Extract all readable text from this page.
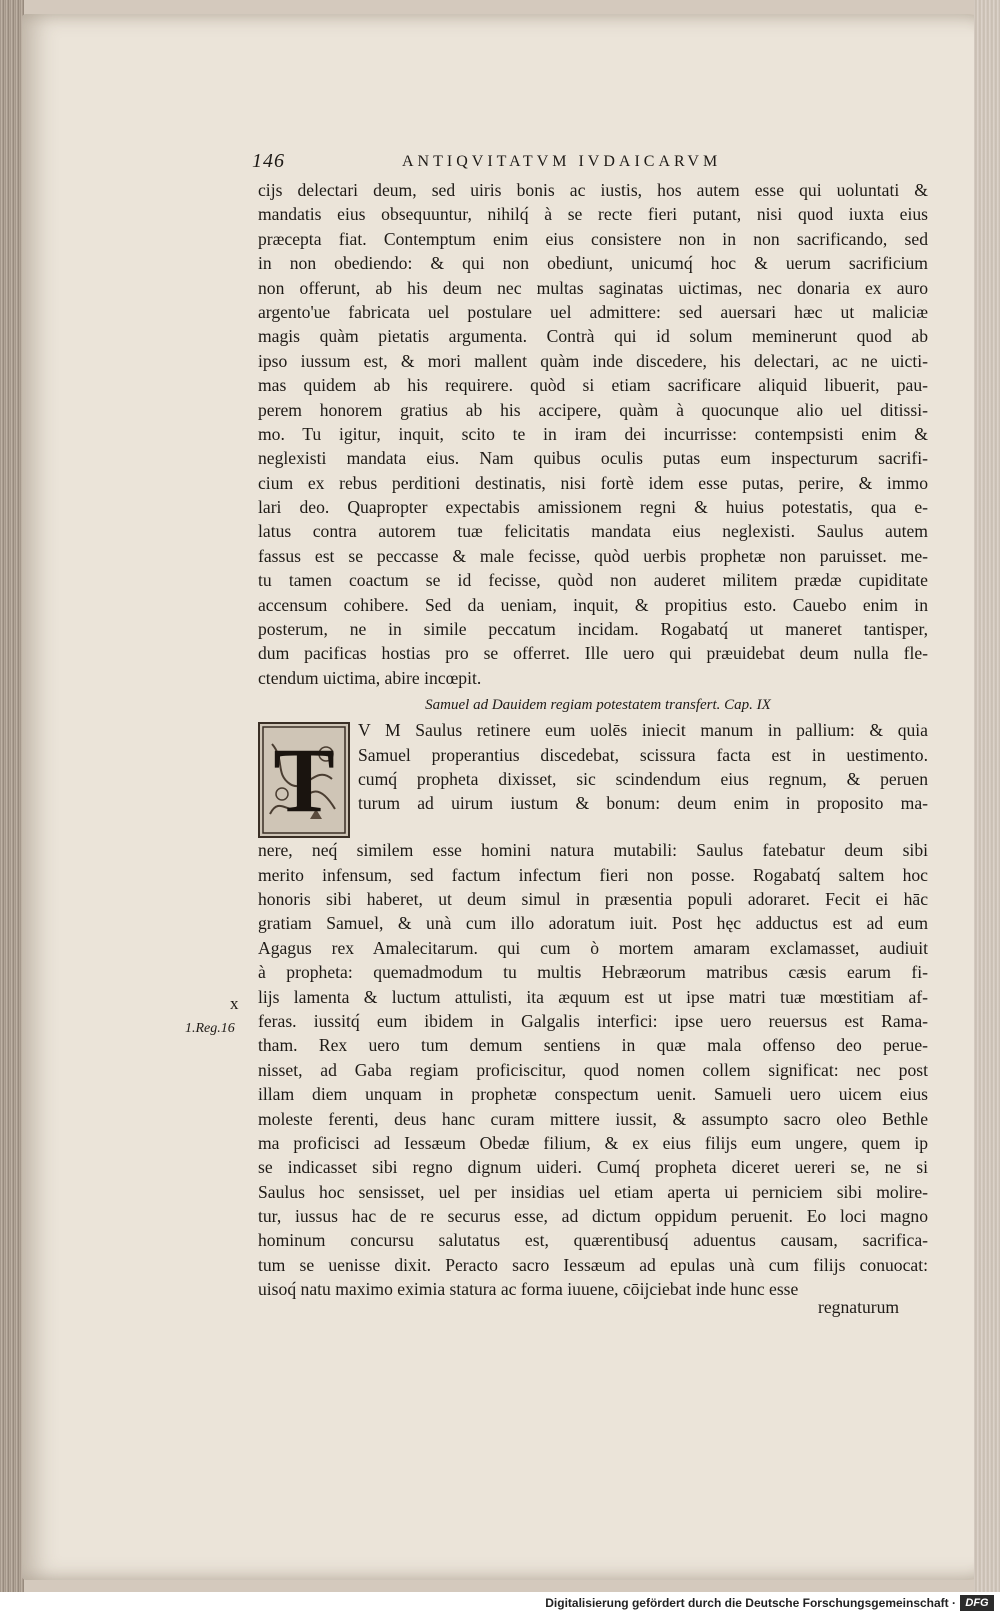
146	ANTIQVITATVM IVDAICARVM
cijs delectari deum, sed uiris bonis ac iustis, hos autem esse qui uoluntati &
mandatis eius obsequuntur, nihilq́ à se recte fieri putant, nisi quod iuxta eius
præcepta fiat. Contemptum enim eius consistere non in non sacrificando, sed
in non obediendo: & qui non obediunt, unicumq́ hoc & uerum sacrificium
non offerunt, ab his deum nec multas saginatas uictimas, nec donaria ex auro
argento'ue fabricata uel postulare uel admittere: sed auersari hæc ut maliciæ
magis quàm pietatis argumenta. Contrà qui id solum meminerunt quod ab
ipso iussum est, & mori mallent quàm inde discedere, his delectari, ac ne uicti-
mas quidem ab his requirere. quòd si etiam sacrificare aliquid libuerit, pau-
perem honorem gratius ab his accipere, quàm à quocunque alio uel ditissi-
mo. Tu igitur, inquit, scito te in iram dei incurrisse: contempsisti enim &
neglexisti mandata eius. Nam quibus oculis putas eum inspecturum sacrifi-
cium ex rebus perditioni destinatis, nisi fortè idem esse putas, perire, & immo
lari deo. Quapropter expectabis amissionem regni & huius potestatis, qua e-
latus contra autorem tuæ felicitatis mandata eius neglexisti. Saulus autem
fassus est se peccasse & male fecisse, quòd uerbis prophetæ non paruisset. me-
tu tamen coactum se id fecisse, quòd non auderet militem prædæ cupiditate
accensum cohibere. Sed da ueniam, inquit, & propitius esto. Cauebo enim in
posterum, ne in simile peccatum incidam. Rogabatq́ ut maneret tantisper,
dum pacificas hostias pro se offerret. Ille uero qui præuidebat deum nulla fle-
ctendum uictima, abire incœpit.
Samuel ad Dauidem regiam potestatem transfert. Cap. IX
T	V M Saulus retinere eum uolēs iniecit manum in pallium: & quia
Samuel properantius discedebat, scissura facta est in uestimento.
cumq́ propheta dixisset, sic scindendum eius regnum, & peruen
turum ad uirum iustum & bonum: deum enim in proposito ma-
nere, neq́ similem esse homini natura mutabili: Saulus fatebatur deum sibi
merito infensum, sed factum infectum fieri non posse. Rogabatq́ saltem hoc
honoris sibi haberet, ut deum simul in præsentia populi adoraret. Fecit ei hāc
gratiam Samuel, & unà cum illo adoratum iuit. Post hęc adductus est ad eum
Agagus rex Amalecitarum. qui cum ò mortem amaram exclamasset, audiuit
à propheta: quemadmodum tu multis Hebræorum matribus cæsis earum fi-
lijs lamenta & luctum attulisti, ita æquum est ut ipse matri tuæ mœstitiam af-
feras. iussitq́ eum ibidem in Galgalis interfici: ipse uero reuersus est Rama-
tham. Rex uero tum demum sentiens in quæ mala offenso deo perue-
nisset, ad Gaba regiam proficiscitur, quod nomen collem significat: nec post
illam diem unquam in prophetæ conspectum uenit. Samueli uero uicem eius
moleste ferenti, deus hanc curam mittere iussit, & assumpto sacro oleo Bethle
ma proficisci ad Iessæum Obedæ filium, & ex eius filijs eum ungere, quem ip
se indicasset sibi regno dignum uideri. Cumq́ propheta diceret uereri se, ne si
Saulus hoc sensisset, uel per insidias uel etiam aperta ui perniciem sibi molire-
tur, iussus hac de re securus esse, ad dictum oppidum peruenit. Eo loci magno
hominum concursu salutatus est, quærentibusq́ aduentus causam, sacrifica-
tum se uenisse dixit. Peracto sacro Iessæum ad epulas unà cum filijs conuocat:
uisoq́ natu maximo eximia statura ac forma iuuene, cōijciebat inde hunc esse
x
1.Reg.16
regnaturum
Digitalisierung gefördert durch die Deutsche Forschungsgemeinschaft · DFG
